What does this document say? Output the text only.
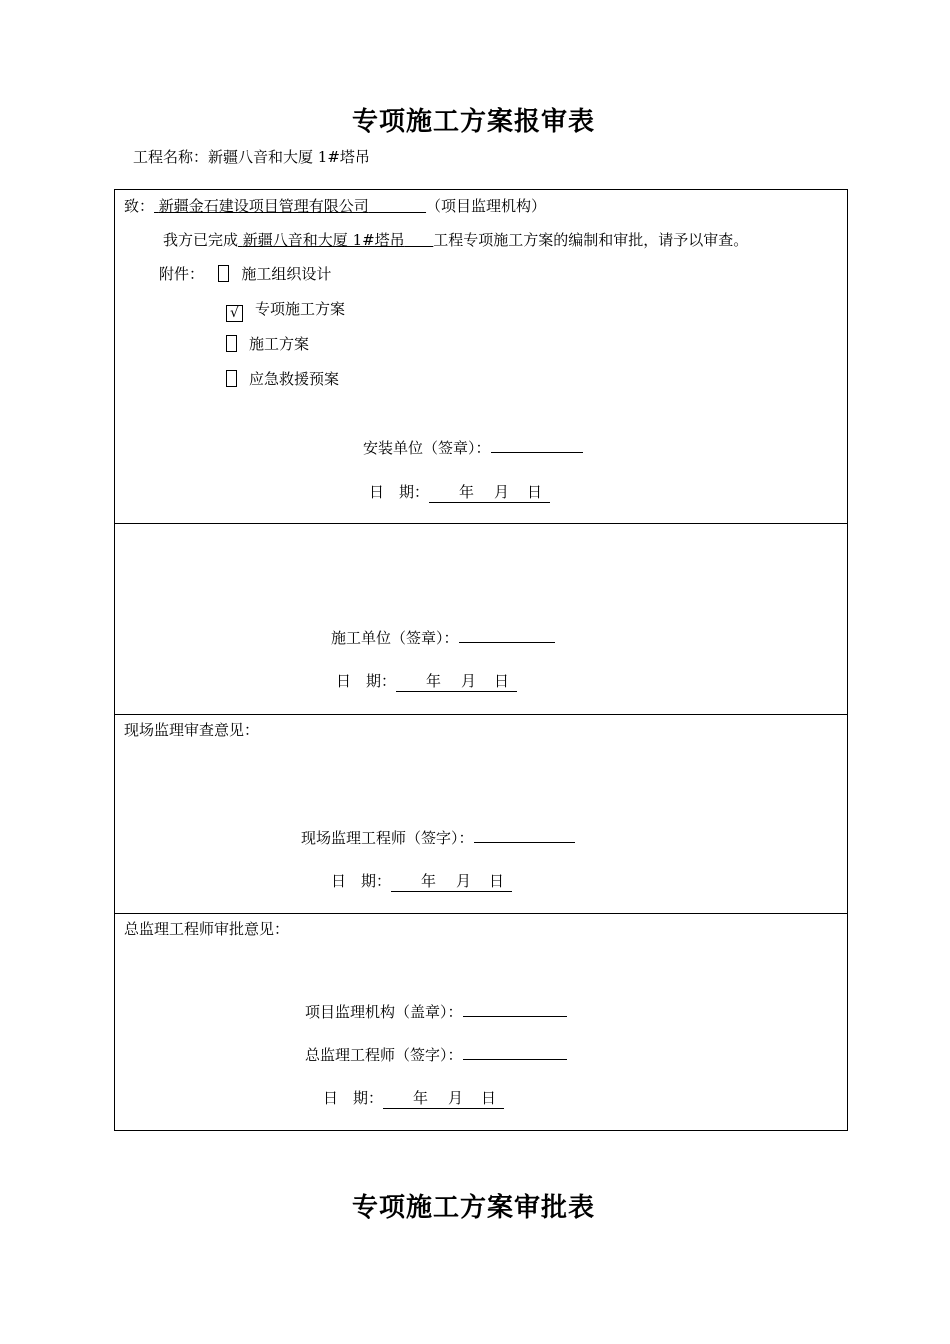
专项施工方案报审表
工程名称：新疆八音和大厦 1#塔吊
致： 新疆金石建设项目管理有限公司	（项目监理机构）
我方已完成 新疆八音和大厦 1#塔吊 工程专项施工方案的编制和审批，请予以审查。
附件： 施工组织设计
√ 专项施工方案
施工方案
应急救援预案
安装单位（签章）：
日　期： 年 月 日

施工单位（签章）：
日　期： 年 月 日

现场监理审查意见：
现场监理工程师（签字）：
日　期： 年 月 日

总监理工程师审批意见：
项目监理机构（盖章）：
总监理工程师（签字）：
日　期： 年 月 日
专项施工方案审批表
